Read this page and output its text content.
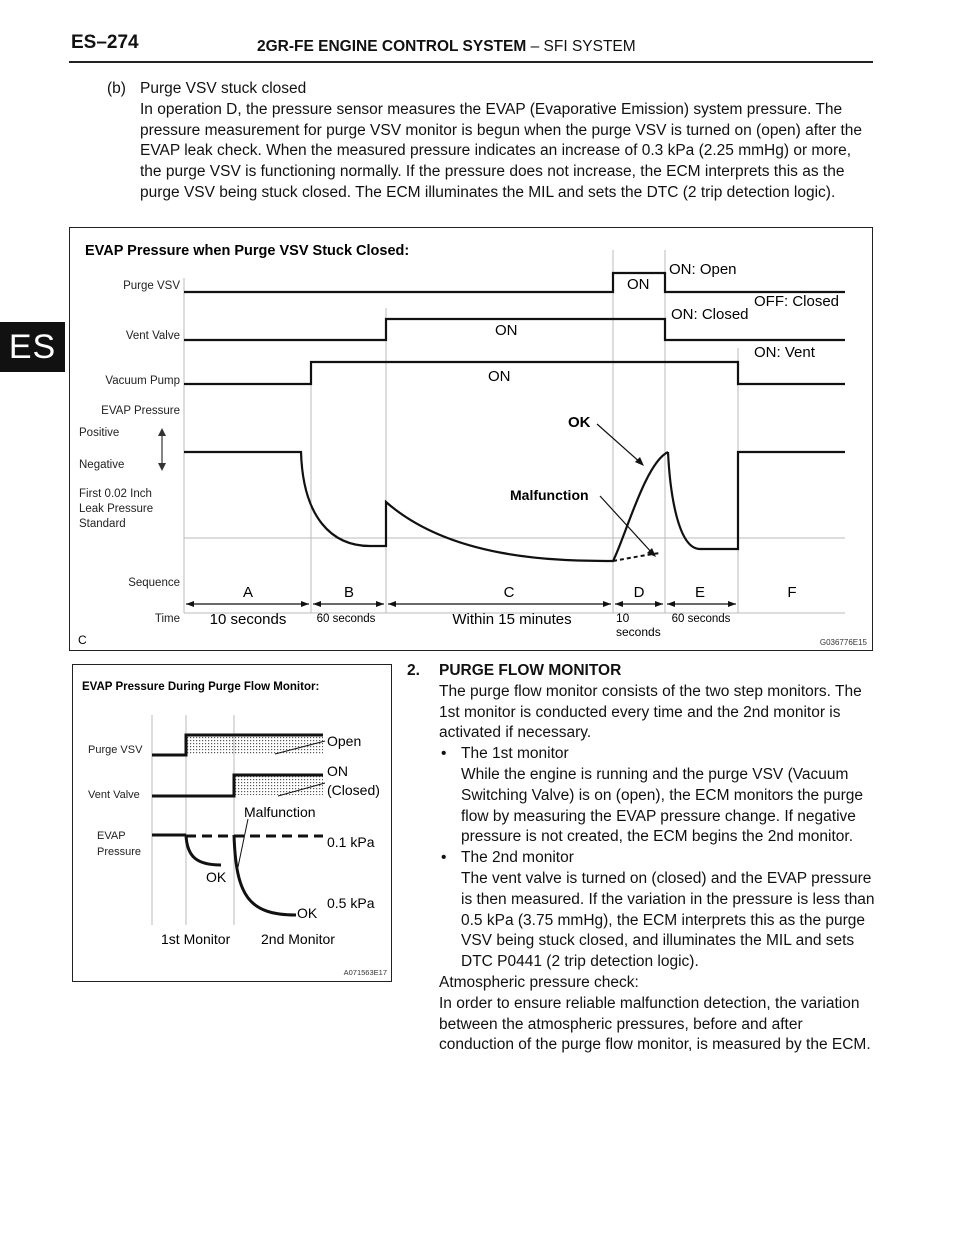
ES–274	2GR-FE ENGINE CONTROL SYSTEM – SFI SYSTEM
ES
(b) Purge VSV stuck closed
In operation D, the pressure sensor measures the EVAP (Evaporative Emission) system pressure. The pressure measurement for purge VSV monitor is begun when the purge VSV is turned on (open) after the EVAP leak check. When the measured pressure indicates an increase of 0.3 kPa (2.25 mmHg) or more, the purge VSV is functioning normally. If the pressure does not increase, the ECM interprets this as the purge VSV being stuck closed. The ECM illuminates the MIL and sets the DTC (2 trip detection logic).
EVAP Pressure when Purge VSV Stuck Closed:
Purge VSV
Vent Valve
Vacuum Pump
EVAP Pressure
Positive
Negative
First 0.02 Inch
Leak Pressure
Standard
Sequence
Time
ON
ON
ON
ON: Open
ON: Closed
OFF: Closed
ON: Vent
OK
Malfunction
A	B	C	D	E	F
10 seconds	60 seconds	Within 15 minutes	10
seconds
60 seconds
C	G036776E15
EVAP Pressure During Purge Flow Monitor:
Purge VSV
Vent Valve
EVAP
Pressure
Open
ON
(Closed)
Malfunction
0.1 kPa
0.5 kPa
OK
OK
1st Monitor 2nd Monitor
A071563E17
2. PURGE FLOW MONITOR
The purge flow monitor consists of the two step monitors. The 1st monitor is conducted every time and the 2nd monitor is activated if necessary.
• The 1st monitor
While the engine is running and the purge VSV (Vacuum Switching Valve) is on (open), the ECM monitors the purge flow by measuring the EVAP pressure change. If negative pressure is not created, the ECM begins the 2nd monitor.
• The 2nd monitor
The vent valve is turned on (closed) and the EVAP pressure is then measured. If the variation in the pressure is less than 0.5 kPa (3.75 mmHg), the ECM interprets this as the purge VSV being stuck closed, and illuminates the MIL and sets DTC P0441 (2 trip detection logic).
Atmospheric pressure check:
In order to ensure reliable malfunction detection, the variation between the atmospheric pressures, before and after conduction of the purge flow monitor, is measured by the ECM.
